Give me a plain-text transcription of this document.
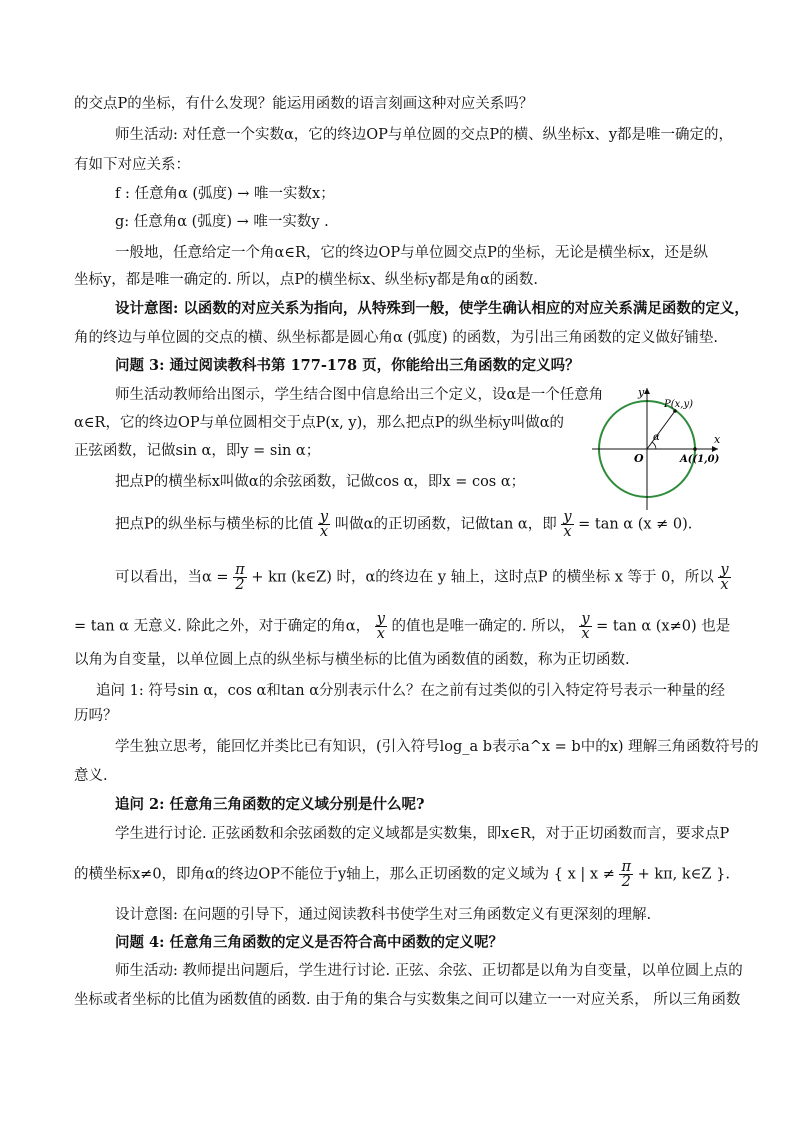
的交点P的坐标，有什么发现？能运用函数的语言刻画这种对应关系吗？
师生活动: 对任意一个实数α，它的终边OP与单位圆的交点P的横、纵坐标x、y都是唯一确定的，
有如下对应关系：
f : 任意角α (弧度) → 唯一实数x；
g: 任意角α (弧度) → 唯一实数y .
一般地，任意给定一个角α∈R，它的终边OP与单位圆交点P的坐标，无论是横坐标x，还是纵
坐标y，都是唯一确定的. 所以，点P的横坐标x、纵坐标y都是角α的函数.
设计意图: 以函数的对应关系为指向，从特殊到一般，使学生确认相应的对应关系满足函数的定义，
角的终边与单位圆的交点的横、纵坐标都是圆心角α (弧度) 的函数，为引出三角函数的定义做好铺垫.
问题 3: 通过阅读教科书第 177-178 页，你能给出三角函数的定义吗？
师生活动教师给出图示，学生结合图中信息给出三个定义，设α是一个任意角
α∈R，它的终边OP与单位圆相交于点P(x, y)，那么把点P的纵坐标y叫做α的
正弦函数，记做sin α，即y = sin α；
把点P的横坐标x叫做α的余弦函数，记做cos α，即x = cos α；
把点P的纵坐标与横坐标的比值 $\frac{y}{x}$ 叫做α的正切函数，记做tan α，即 $\frac{y}{x} = \tan \alpha$ (x ≠ 0).
可以看出，当$\alpha = \frac{\pi}{2} + k\pi$ (k∈Z) 时，α的终边在 y 轴上，这时点P 的横坐标 x 等于 0，所以 $\frac{y}{x}$
= tan α 无意义. 除此之外，对于确定的角α， $\frac{y}{x}$ 的值也是唯一确定的. 所以， $\frac{y}{x} = \tan \alpha$ (x≠0) 也是
以角为自变量，以单位圆上点的纵坐标与横坐标的比值为函数值的函数，称为正切函数.
追问 1: 符号sin α，cos α和tan α分别表示什么？在之前有过类似的引入特定符号表示一种量的经
历吗？
学生独立思考，能回忆并类比已有知识，(引入符号log_a b表示a^x = b中的x) 理解三角函数符号的
意义.
追问 2: 任意角三角函数的定义域分别是什么呢?
学生进行讨论. 正弦函数和余弦函数的定义域都是实数集，即x∈R，对于正切函数而言，要求点P
的横坐标x≠0，即角α的终边OP不能位于y轴上，那么正切函数的定义域为 { x | $x \ne \frac{\pi}{2} + k\pi$, k∈Z }.
设计意图: 在问题的引导下，通过阅读教科书使学生对三角函数定义有更深刻的理解.
问题 4: 任意角三角函数的定义是否符合高中函数的定义呢？
师生活动: 教师提出问题后，学生进行讨论. 正弦、余弦、正切都是以角为自变量，以单位圆上点的
坐标或者坐标的比值为函数值的函数. 由于角的集合与实数集之间可以建立一一对应关系， 所以三角函数
x
y
O
P(x,y)
α
A((1,0)
